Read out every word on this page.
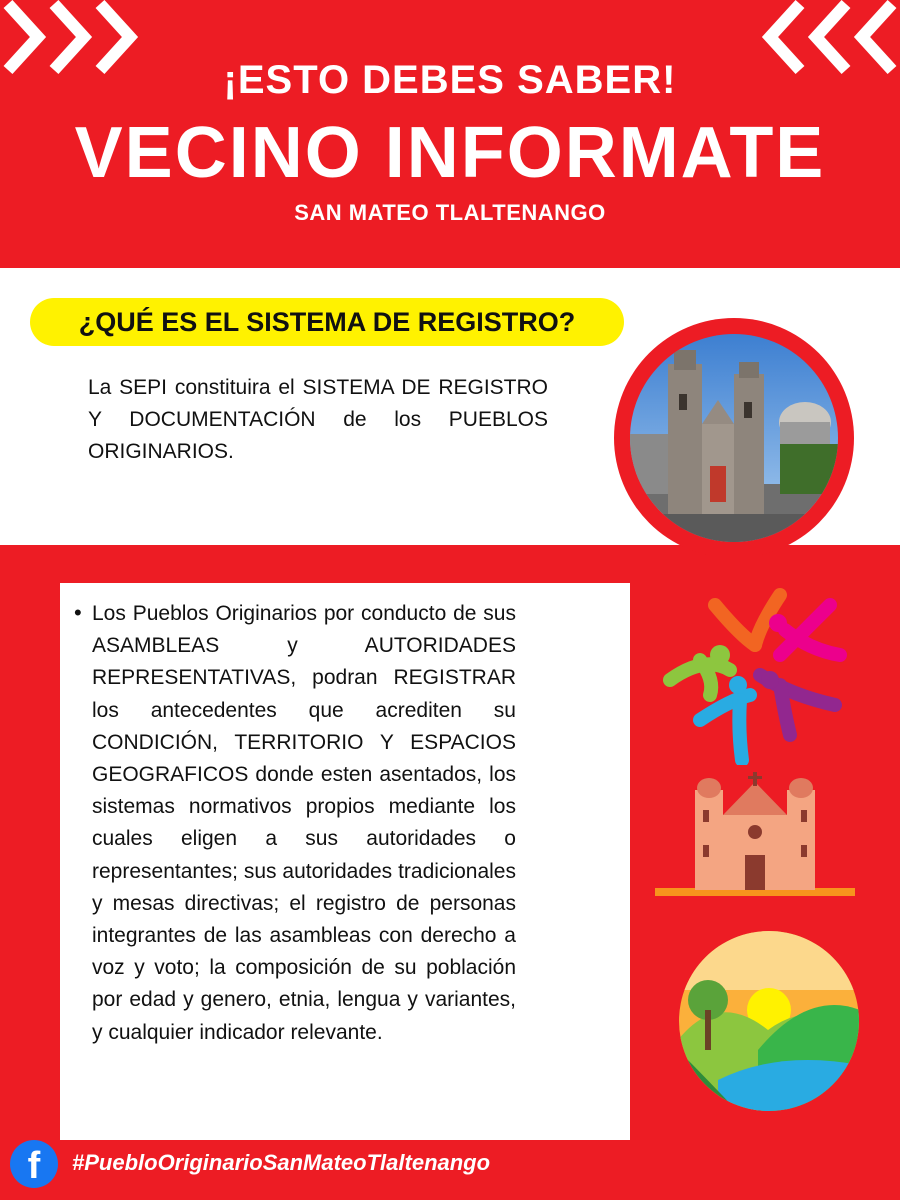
¡ESTO DEBES SABER!
VECINO INFORMATE
SAN MATEO TLALTENANGO
¿QUÉ ES EL SISTEMA DE REGISTRO?
La SEPI constituira el SISTEMA DE REGISTRO Y DOCUMENTACIÓN de los PUEBLOS ORIGINARIOS.
• Los Pueblos Originarios por conducto de sus ASAMBLEAS y AUTORIDADES REPRESENTATIVAS, podran REGISTRAR los antecedentes que acrediten su CONDICIÓN, TERRITORIO Y ESPACIOS GEOGRAFICOS donde esten asentados, los sistemas normativos propios mediante los cuales eligen a sus autoridades o representantes; sus autoridades tradicionales y mesas directivas; el registro de personas integrantes de las asambleas con derecho a voz y voto; la composición de su población por edad y genero, etnia, lengua y variantes, y cualquier indicador relevante.
f	#PuebloOriginarioSanMateoTlaltenango
